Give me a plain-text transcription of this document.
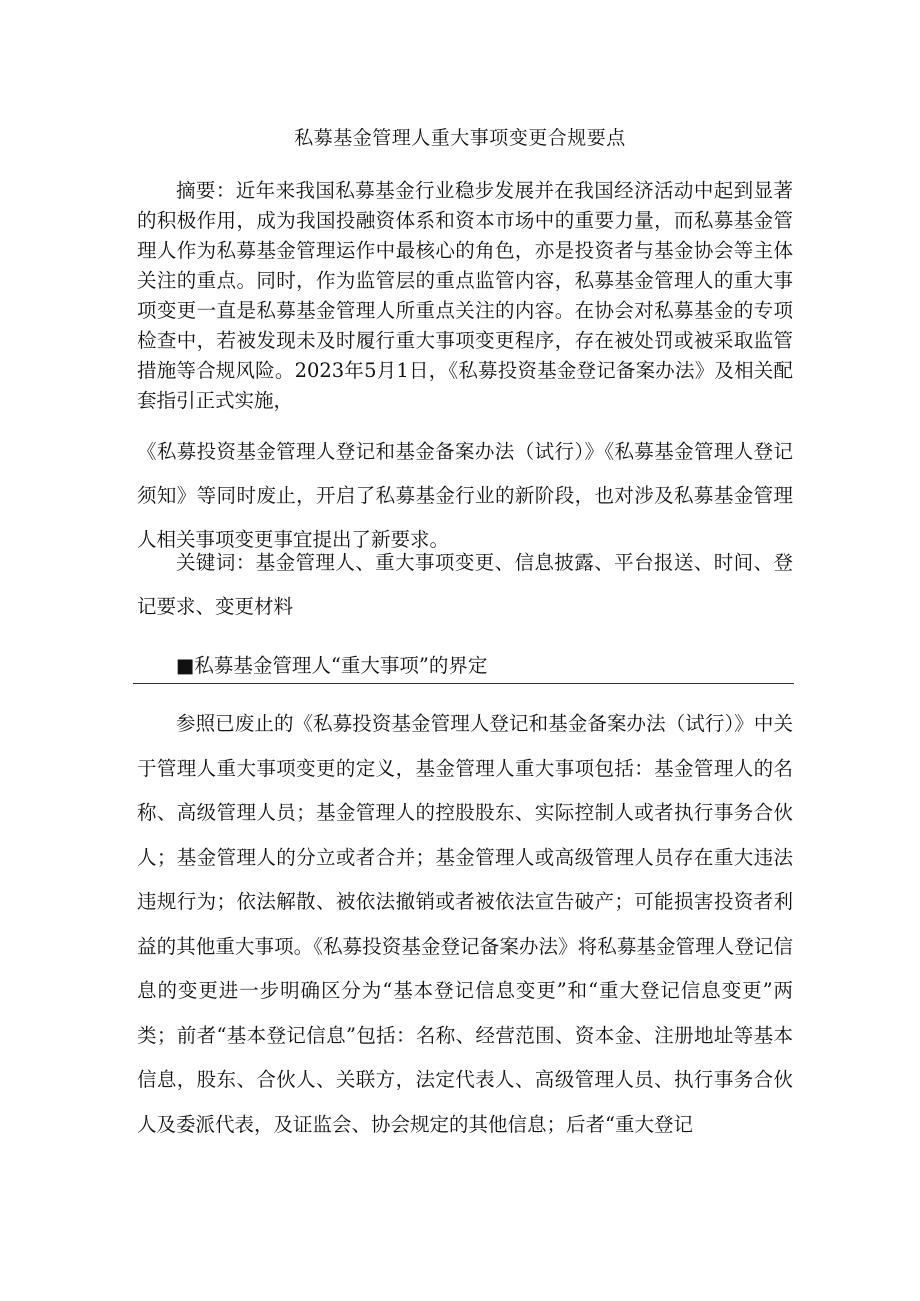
私募基金管理人重大事项变更合规要点
摘要：近年来我国私募基金行业稳步发展并在我国经济活动中起到显著的积极作用，成为我国投融资体系和资本市场中的重要力量，而私募基金管理人作为私募基金管理运作中最核心的角色，亦是投资者与基金协会等主体关注的重点。同时，作为监管层的重点监管内容，私募基金管理人的重大事项变更一直是私募基金管理人所重点关注的内容。在协会对私募基金的专项检查中，若被发现未及时履行重大事项变更程序，存在被处罚或被采取监管措施等合规风险。2023年5月1日，《私募投资基金登记备案办法》及相关配套指引正式实施，
《私募投资基金管理人登记和基金备案办法（试行）》《私募基金管理人登记须知》等同时废止，开启了私募基金行业的新阶段，也对涉及私募基金管理人相关事项变更事宜提出了新要求。
关键词：基金管理人、重大事项变更、信息披露、平台报送、时间、登记要求、变更材料
■私募基金管理人“重大事项”的界定
参照已废止的《私募投资基金管理人登记和基金备案办法（试行）》中关于管理人重大事项变更的定义，基金管理人重大事项包括：基金管理人的名称、高级管理人员；基金管理人的控股股东、实际控制人或者执行事务合伙人；基金管理人的分立或者合并；基金管理人或高级管理人员存在重大违法违规行为；依法解散、被依法撤销或者被依法宣告破产；可能损害投资者利益的其他重大事项。《私募投资基金登记备案办法》将私募基金管理人登记信息的变更进一步明确区分为“基本登记信息变更”和“重大登记信息变更”两类；前者“基本登记信息”包括：名称、经营范围、资本金、注册地址等基本信息，股东、合伙人、关联方，法定代表人、高级管理人员、执行事务合伙人及委派代表，及证监会、协会规定的其他信息；后者“重大登记
